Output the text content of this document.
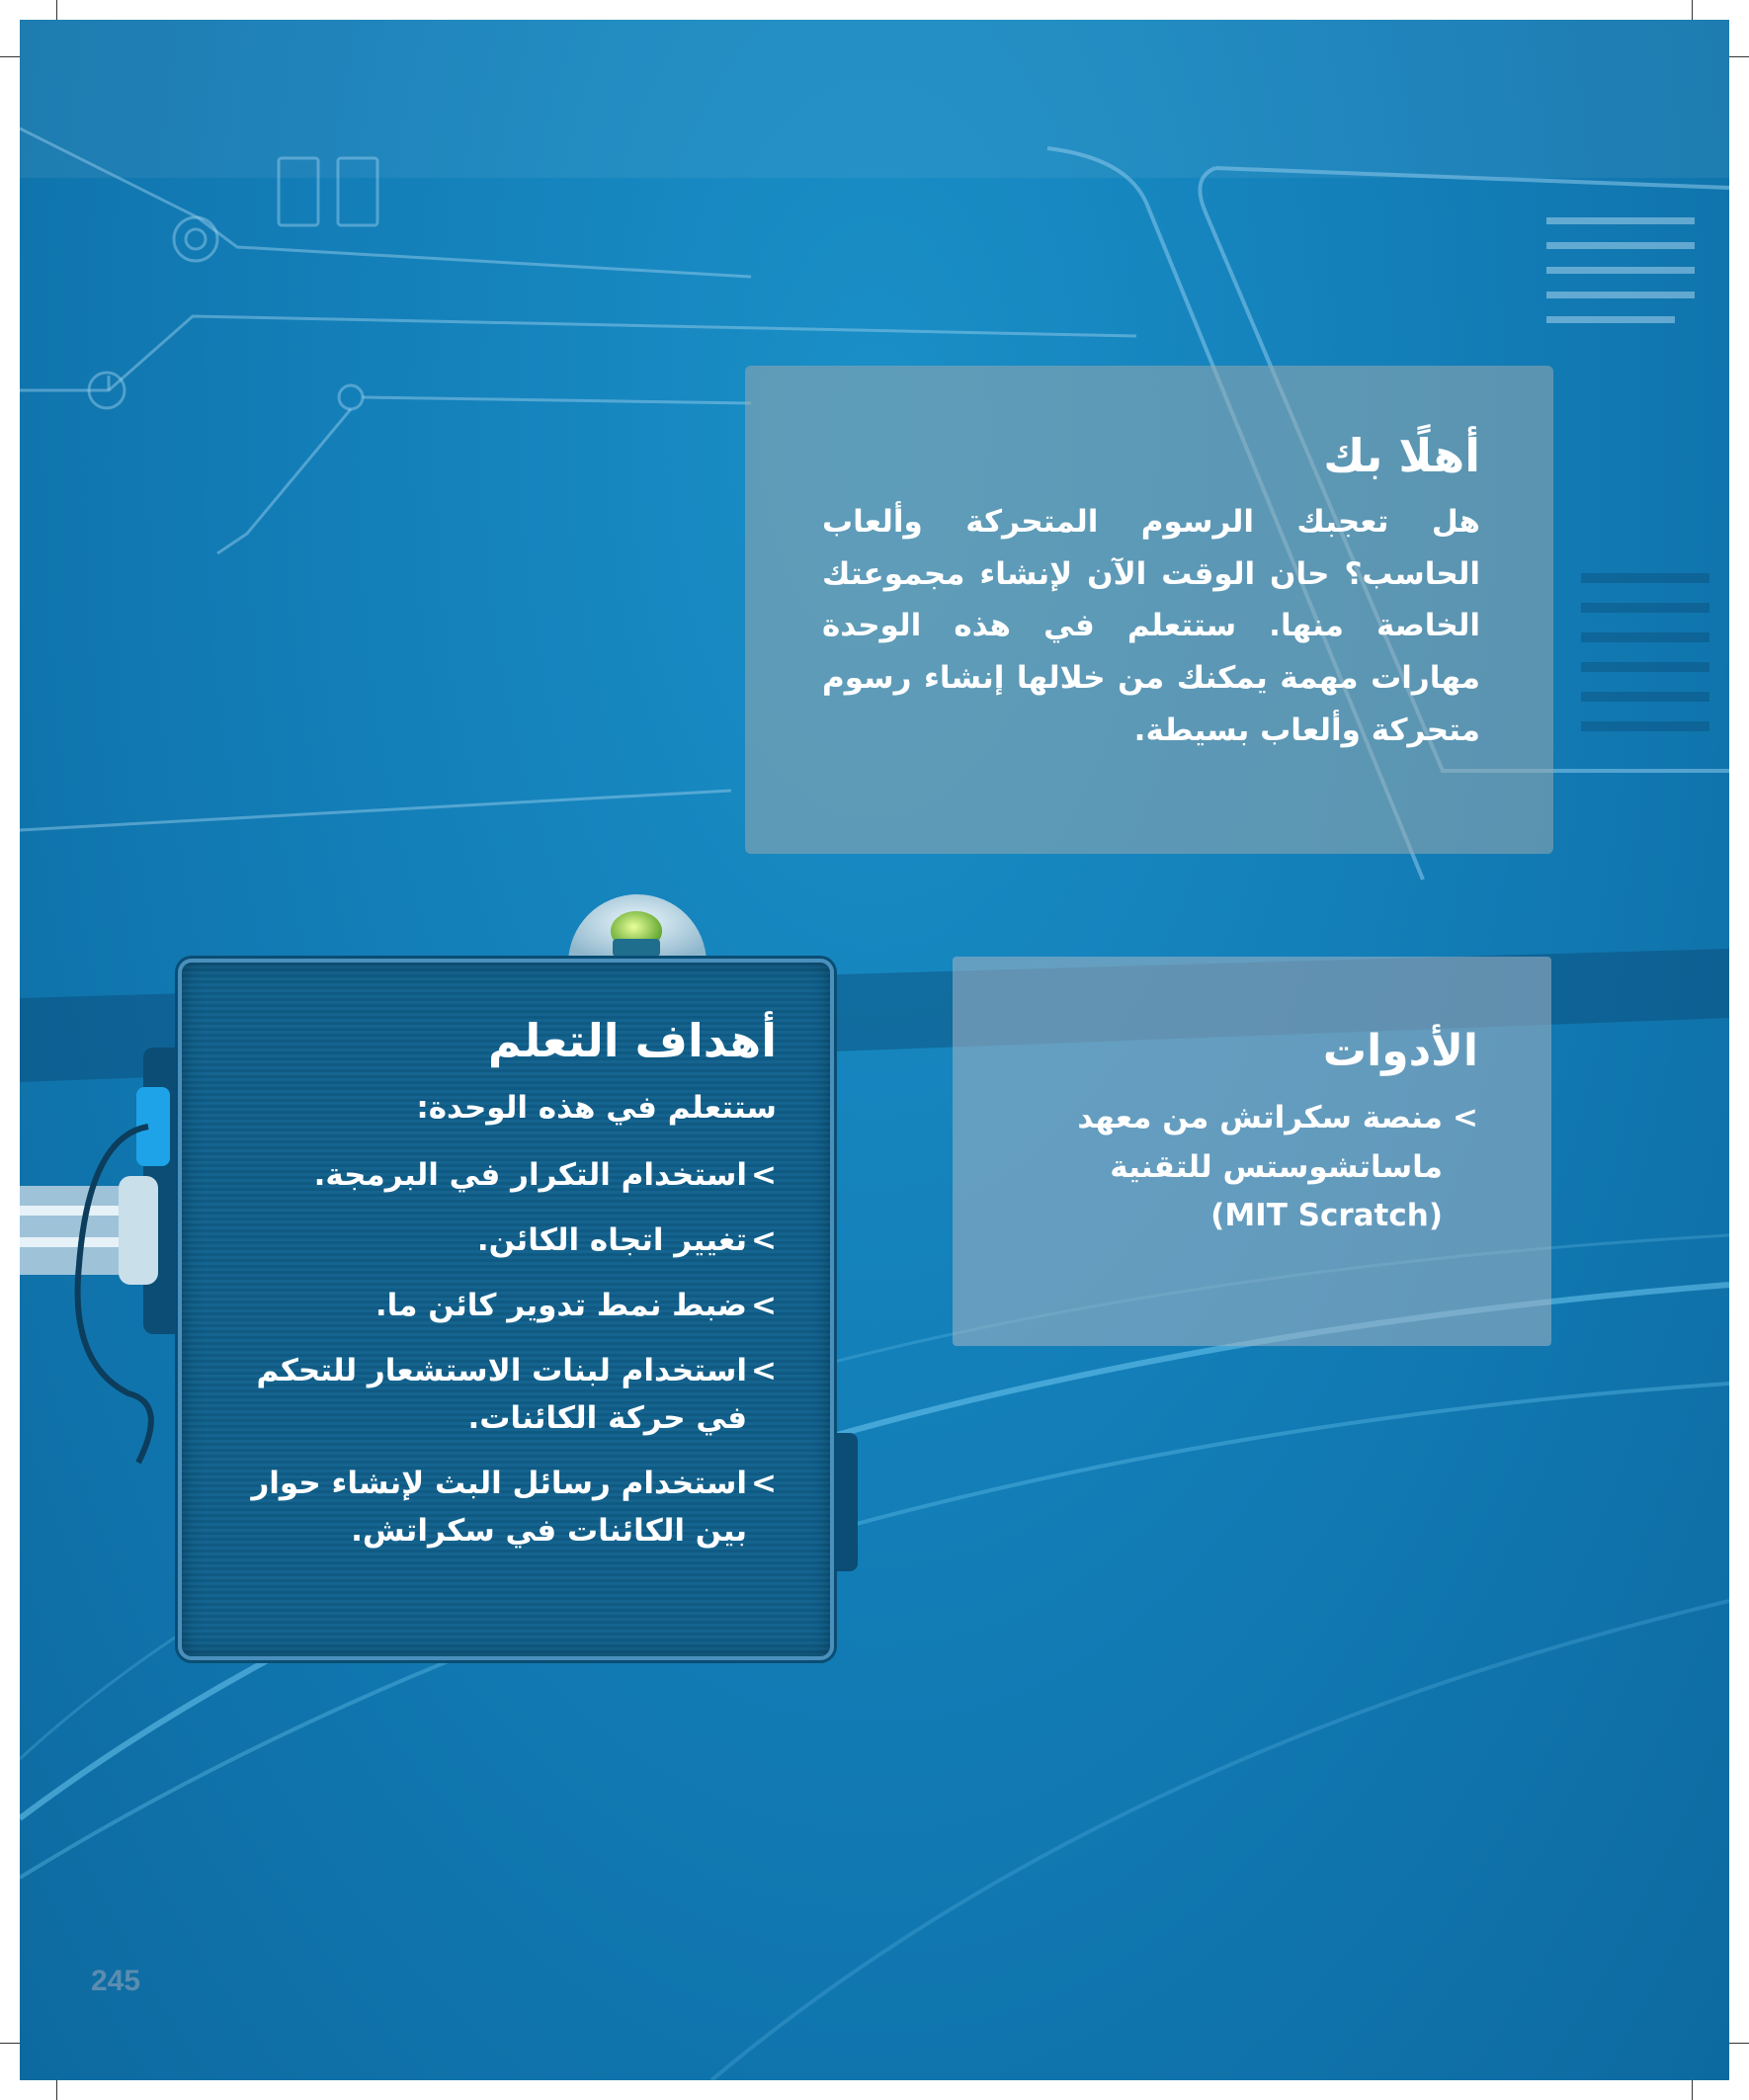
أهلًا بك

هل تعجبك الرسوم المتحركة وألعاب الحاسب؟ حان الوقت الآن لإنشاء مجموعتك الخاصة منها. ستتعلم في هذه الوحدة مهارات مهمة يمكنك من خلالها إنشاء رسوم متحركة وألعاب بسيطة.

الأدوات
>
منصة سكراتش من معهد ماساتشوستس للتقنية
(MIT Scratch)
أهداف التعلم
ستتعلم في هذه الوحدة:
>
استخدام التكرار في البرمجة.
>
تغيير اتجاه الكائن.
>
ضبط نمط تدوير كائن ما.
>
استخدام لبنات الاستشعار للتحكم في حركة الكائنات.
>
استخدام رسائل البث لإنشاء حوار بين الكائنات في سكراتش.
245
